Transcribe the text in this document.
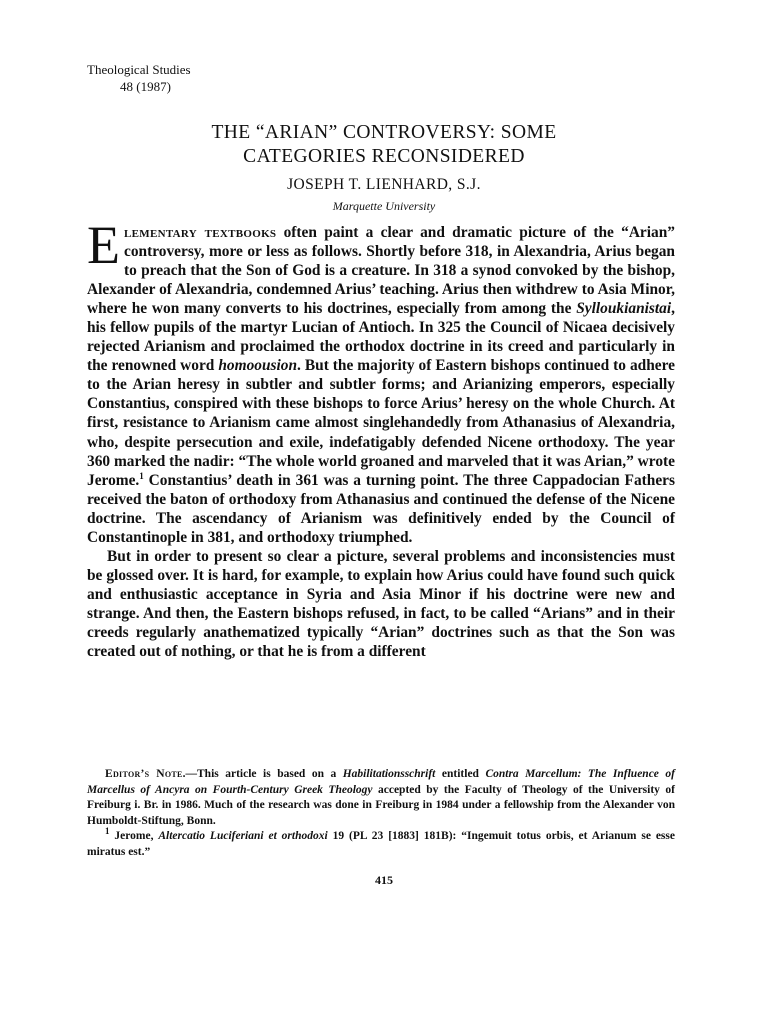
Theological Studies
48 (1987)
THE “ARIAN” CONTROVERSY: SOME
CATEGORIES RECONSIDERED
JOSEPH T. LIENHARD, S.J.
Marquette University

Elementary textbooks often paint a clear and dramatic picture of the “Arian” controversy, more or less as follows. Shortly before 318, in Alexandria, Arius began to preach that the Son of God is a creature. In 318 a synod convoked by the bishop, Alexander of Alexandria, condemned Arius’ teaching. Arius then withdrew to Asia Minor, where he won many converts to his doctrines, especially from among the Sylloukianistai, his fellow pupils of the martyr Lucian of Antioch. In 325 the Council of Nicaea decisively rejected Arianism and proclaimed the orthodox doctrine in its creed and particularly in the renowned word homoousion. But the majority of Eastern bishops continued to adhere to the Arian heresy in subtler and subtler forms; and Arianizing emperors, especially Constantius, conspired with these bishops to force Arius’ heresy on the whole Church. At first, resistance to Arianism came almost singlehandedly from Athanasius of Alexandria, who, despite persecution and exile, indefatigably defended Nicene orthodoxy. The year 360 marked the nadir: “The whole world groaned and marveled that it was Arian,” wrote Jerome.$^1$ Constantius’ death in 361 was a turning point. The three Cappadocian Fathers received the baton of orthodoxy from Athanasius and continued the defense of the Nicene doctrine. The ascendancy of Arianism was definitively ended by the Council of Constantinople in 381, and orthodoxy triumphed.

But in order to present so clear a picture, several problems and inconsistencies must be glossed over. It is hard, for example, to explain how Arius could have found such quick and enthusiastic acceptance in Syria and Asia Minor if his doctrine were new and strange. And then, the Eastern bishops refused, in fact, to be called “Arians” and in their creeds regularly anathematized typically “Arian” doctrines such as that the Son was created out of nothing, or that he is from a different

Editor’s Note.—This article is based on a Habilitationsschrift entitled Contra Marcellum: The Influence of Marcellus of Ancyra on Fourth-Century Greek Theology accepted by the Faculty of Theology of the University of Freiburg i. Br. in 1986. Much of the research was done in Freiburg in 1984 under a fellowship from the Alexander von Humboldt-Stiftung, Bonn.

$^1$ Jerome, Altercatio Luciferiani et orthodoxi 19 (PL 23 [1883] 181B): “Ingemuit totus orbis, et Arianum se esse miratus est.”

415
